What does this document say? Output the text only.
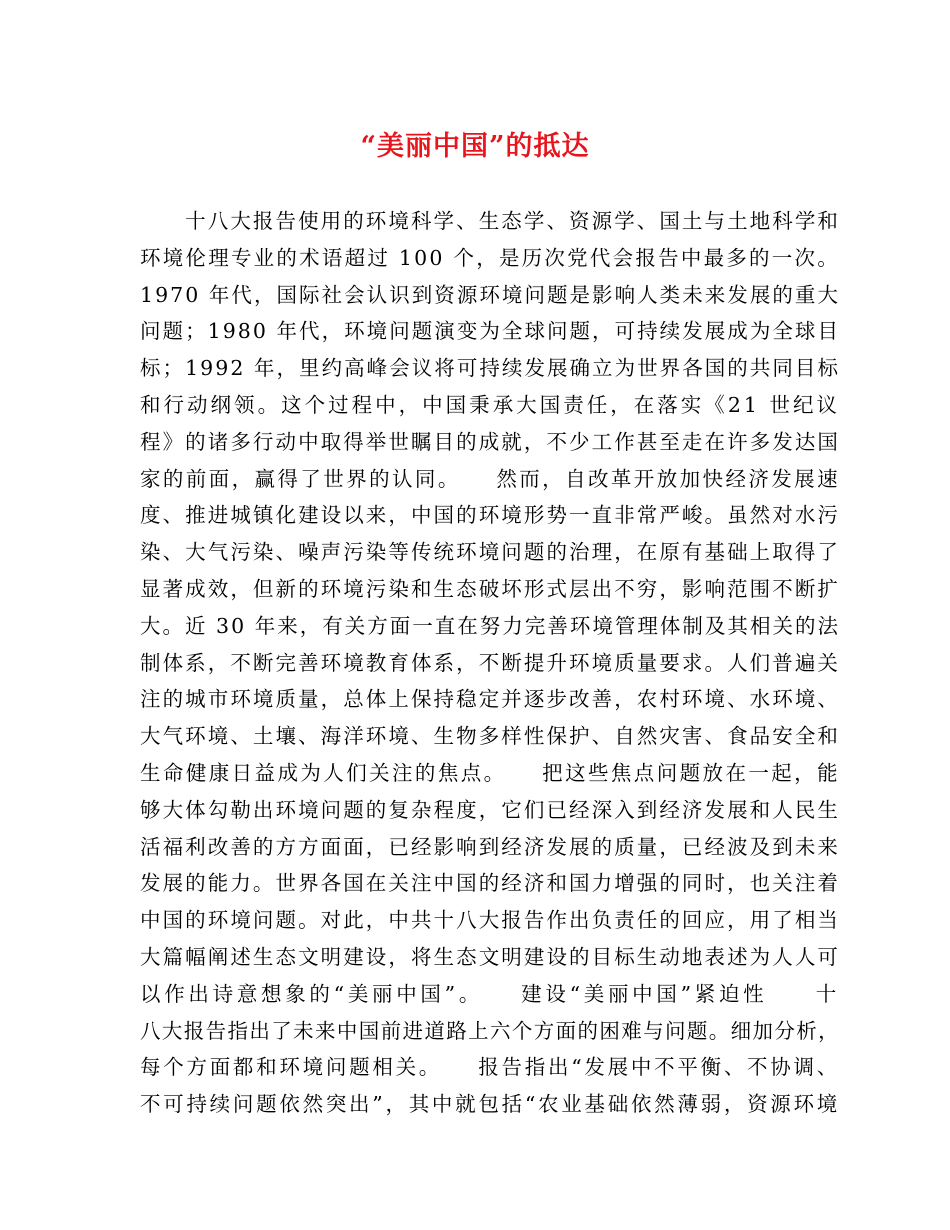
“美丽中国”的抵达
　　十八大报告使用的环境科学、生态学、资源学、国土与土地科学和
环境伦理专业的术语超过 100 个，是历次党代会报告中最多的一次。
1970 年代，国际社会认识到资源环境问题是影响人类未来发展的重大
问题；1980 年代，环境问题演变为全球问题，可持续发展成为全球目
标；1992 年，里约高峰会议将可持续发展确立为世界各国的共同目标
和行动纲领。这个过程中，中国秉承大国责任，在落实《21 世纪议
程》的诸多行动中取得举世瞩目的成就，不少工作甚至走在许多发达国
家的前面，赢得了世界的认同。　　然而，自改革开放加快经济发展速
度、推进城镇化建设以来，中国的环境形势一直非常严峻。虽然对水污
染、大气污染、噪声污染等传统环境问题的治理，在原有基础上取得了
显著成效，但新的环境污染和生态破坏形式层出不穷，影响范围不断扩
大。近 30 年来，有关方面一直在努力完善环境管理体制及其相关的法
制体系，不断完善环境教育体系，不断提升环境质量要求。人们普遍关
注的城市环境质量，总体上保持稳定并逐步改善，农村环境、水环境、
大气环境、土壤、海洋环境、生物多样性保护、自然灾害、食品安全和
生命健康日益成为人们关注的焦点。　　把这些焦点问题放在一起，能
够大体勾勒出环境问题的复杂程度，它们已经深入到经济发展和人民生
活福利改善的方方面面，已经影响到经济发展的质量，已经波及到未来
发展的能力。世界各国在关注中国的经济和国力增强的同时，也关注着
中国的环境问题。对此，中共十八大报告作出负责任的回应，用了相当
大篇幅阐述生态文明建设，将生态文明建设的目标生动地表述为人人可
以作出诗意想象的“美丽中国”。　　建设“美丽中国”紧迫性　　十
八大报告指出了未来中国前进道路上六个方面的困难与问题。细加分析，
每个方面都和环境问题相关。　　报告指出“发展中不平衡、不协调、
不可持续问题依然突出”，其中就包括“农业基础依然薄弱，资源环境
